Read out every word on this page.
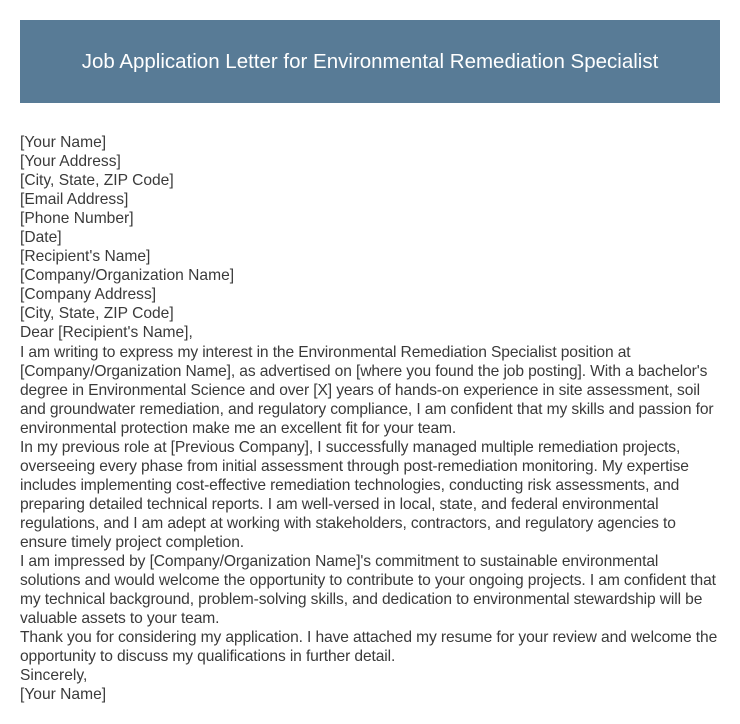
Job Application Letter for Environmental Remediation Specialist
[Your Name]
[Your Address]
[City, State, ZIP Code]
[Email Address]
[Phone Number]
[Date]
[Recipient's Name]
[Company/Organization Name]
[Company Address]
[City, State, ZIP Code]
Dear [Recipient's Name],

I am writing to express my interest in the Environmental Remediation Specialist position at [Company/Organization Name], as advertised on [where you found the job posting]. With a bachelor's degree in Environmental Science and over [X] years of hands-on experience in site assessment, soil and groundwater remediation, and regulatory compliance, I am confident that my skills and passion for environmental protection make me an excellent fit for your team.

In my previous role at [Previous Company], I successfully managed multiple remediation projects, overseeing every phase from initial assessment through post-remediation monitoring. My expertise includes implementing cost-effective remediation technologies, conducting risk assessments, and preparing detailed technical reports. I am well-versed in local, state, and federal environmental regulations, and I am adept at working with stakeholders, contractors, and regulatory agencies to ensure timely project completion.

I am impressed by [Company/Organization Name]'s commitment to sustainable environmental solutions and would welcome the opportunity to contribute to your ongoing projects. I am confident that my technical background, problem-solving skills, and dedication to environmental stewardship will be valuable assets to your team.

Thank you for considering my application. I have attached my resume for your review and welcome the opportunity to discuss my qualifications in further detail.

Sincerely,
[Your Name]
